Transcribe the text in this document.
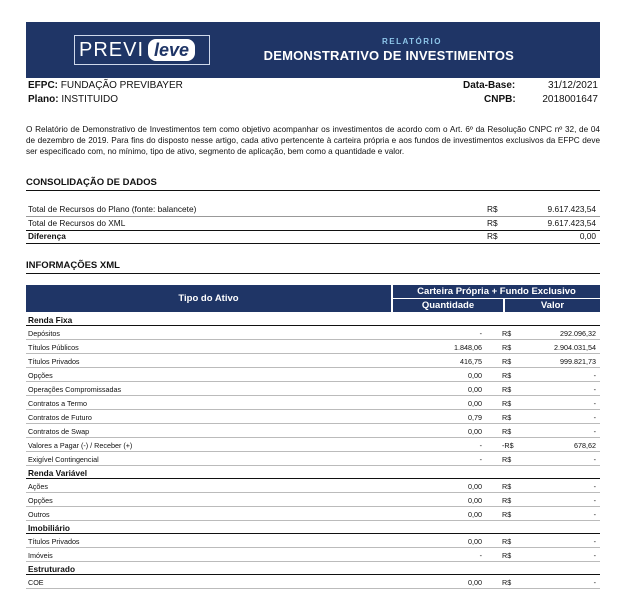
PREVI leve	RELATÓRIO
DEMONSTRATIVO DE INVESTIMENTOS
EFPC: FUNDAÇÃO PREVIBAYER
Plano: INSTITUIDO
Data-Base:	31/12/2021
CNPB:	2018001647
O Relatório de Demonstrativo de Investimentos tem como objetivo acompanhar os investimentos de acordo com o Art. 6º da Resolução CNPC nº 32, de 04 de dezembro de 2019. Para fins do disposto nesse artigo, cada ativo pertencente à carteira própria e aos fundos de investimentos exclusivos da EFPC deve ser especificado com, no mínimo, tipo de ativo, segmento de aplicação, bem como a quantidade e valor.
CONSOLIDAÇÃO DE DADOS
Total de Recursos do Plano (fonte: balancete)	R$	9.617.423,54
Total de Recursos do XML	R$	9.617.423,54
Diferença	R$	0,00
INFORMAÇÕES XML
Tipo do Ativo
Carteira Própria + Fundo Exclusivo
Quantidade	Valor
Renda Fixa
Depósitos	-	R$	292.096,32
Títulos Públicos	1.848,06	R$	2.904.031,54
Títulos Privados	416,75	R$	999.821,73
Opções	0,00	R$	-
Operações Compromissadas	0,00	R$	-
Contratos a Termo	0,00	R$	-
Contratos de Futuro	0,79	R$	-
Contratos de Swap	0,00	R$	-
Valores a Pagar (-) / Receber (+)	-	-R$	678,62
Exigível Contingencial	-	R$	-
Renda Variável
Ações	0,00	R$	-
Opções	0,00	R$	-
Outros	0,00	R$	-
Imobiliário
Títulos Privados	0,00	R$	-
Imóveis	-	R$	-
Estruturado
COE	0,00	R$	-
